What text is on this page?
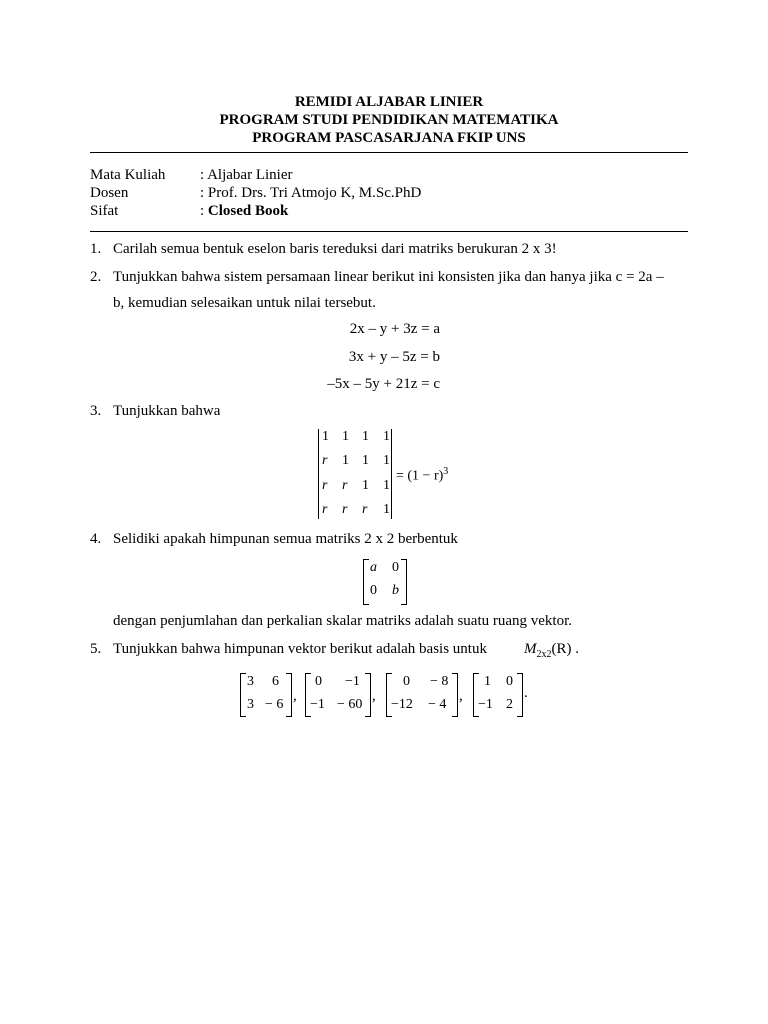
REMIDI ALJABAR LINIER
PROGRAM STUDI PENDIDIKAN MATEMATIKA
PROGRAM PASCASARJANA FKIP UNS
Mata Kuliah : Aljabar Linier
Dosen	: Prof. Drs. Tri Atmojo K, M.Sc.PhD
Sifat	: Closed Book
1. Carilah semua bentuk eselon baris tereduksi dari matriks berukuran 2 x 3!
2. Tunjukkan bahwa sistem persamaan linear berikut ini konsisten jika dan hanya jika c = 2a –
b, kemudian selesaikan untuk nilai tersebut.
2x – y + 3z = a
3x + y – 5z = b
–5x – 5y + 21z = c
3. Tunjukkan bahwa
1 1 1 1
r 1 1 1
r r 1 1
r r r 1
= $(1 - r)^3$
4. Selidiki apakah himpunan semua matriks 2 x 2 berbentuk
a 0
0 b
dengan penjumlahan dan perkalian skalar matriks adalah suatu ruang vektor.
5. Tunjukkan bahwa himpunan vektor berikut adalah basis untuk $M_{2x2}(R)$ .
3 6
3 − 6
,
0 −1
−1 − 60
,
0 − 8
−12 − 4
,
1 0
−1 2
.
